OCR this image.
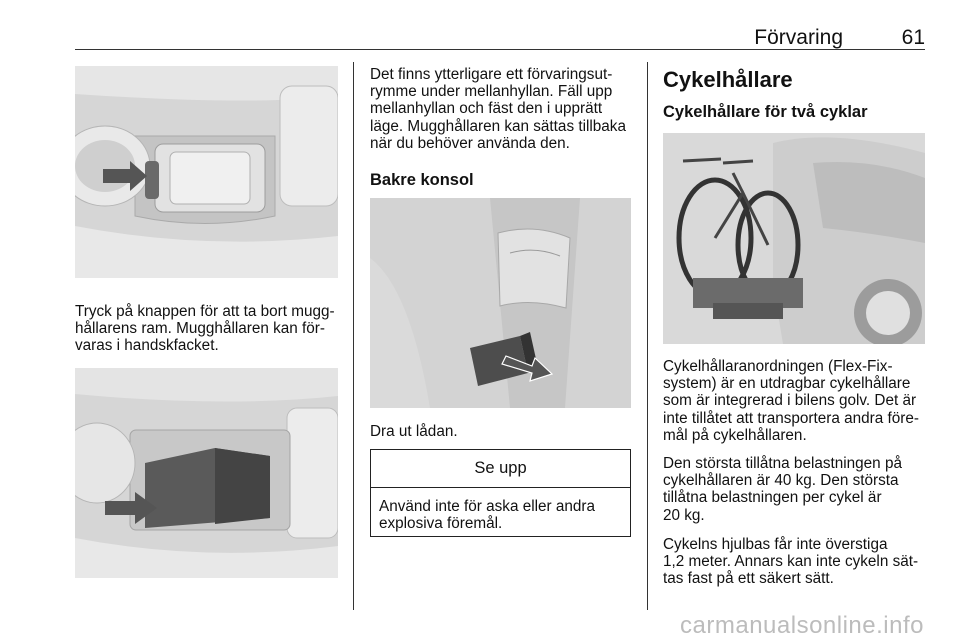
Förvaring	61

Tryck på knappen för att ta bort mugg-
hållarens ram. Mugghållaren kan för-
varas i handskfacket.

Det finns ytterligare ett förvaringsut-
rymme under mellanhyllan. Fäll upp
mellanhyllan och fäst den i upprätt
läge. Mugghållaren kan sättas tillbaka
när du behöver använda den.

Bakre konsol

Dra ut lådan.

Se upp
Använd inte för aska eller andra
explosiva föremål.
Cykelhållare
Cykelhållare för två cyklar

Cykelhållaranordningen (Flex-Fix-
system) är en utdragbar cykelhållare
som är integrerad i bilens golv. Det är
inte tillåtet att transportera andra före-
mål på cykelhållaren.

Den största tillåtna belastningen på
cykelhållaren är 40 kg. Den största
tillåtna belastningen per cykel är
20 kg.

Cykelns hjulbas får inte överstiga
1,2 meter. Annars kan inte cykeln sät-
tas fast på ett säkert sätt.

carmanualsonline.info
